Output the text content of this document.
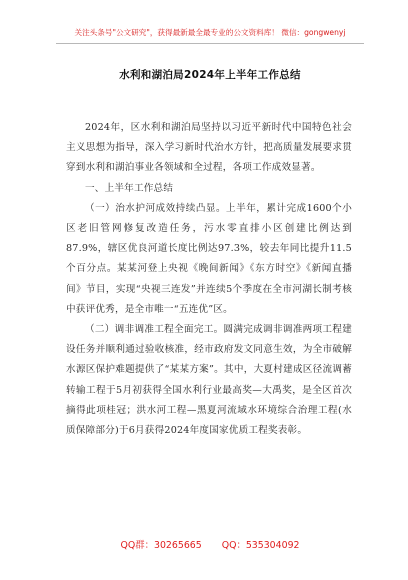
关注头条号"公文研究"，获得最新最全最专业的公文资料库！ 微信：gongwenyj
水利和湖泊局2024年上半年工作总结

2024年，区水利和湖泊局坚持以习近平新时代中国特色社会主义思想为指导，深入学习新时代治水方针，把高质量发展要求贯穿到水利和湖泊事业各领域和全过程，各项工作成效显著。

一、上半年工作总结

（一）治水护河成效持续凸显。上半年，累计完成1600个小区老旧管网修复改造任务，污水零直排小区创建比例达到87.9%，辖区优良河道长度比例达97.3%，较去年同比提升11.5个百分点。某某河登上央视《晚间新闻》《东方时空》《新闻直播间》节目，实现“央视三连发”并连续5个季度在全市河湖长制考核中获评优秀，是全市唯一“五连优”区。

（二）调非调准工程全面完工。圆满完成调非调准两项工程建设任务并顺利通过验收核准，经市政府发文同意生效，为全市破解水源区保护难题提供了“某某方案”。其中，大夏村建成区径流调蓄转输工程于5月初获得全国水利行业最高奖—大禹奖，是全区首次摘得此项桂冠；洪水河工程—黑夏河流域水环境综合治理工程(水质保障部分)于6月获得2024年度国家优质工程奖表彰。

QQ群：30265665 QQ：535304092
